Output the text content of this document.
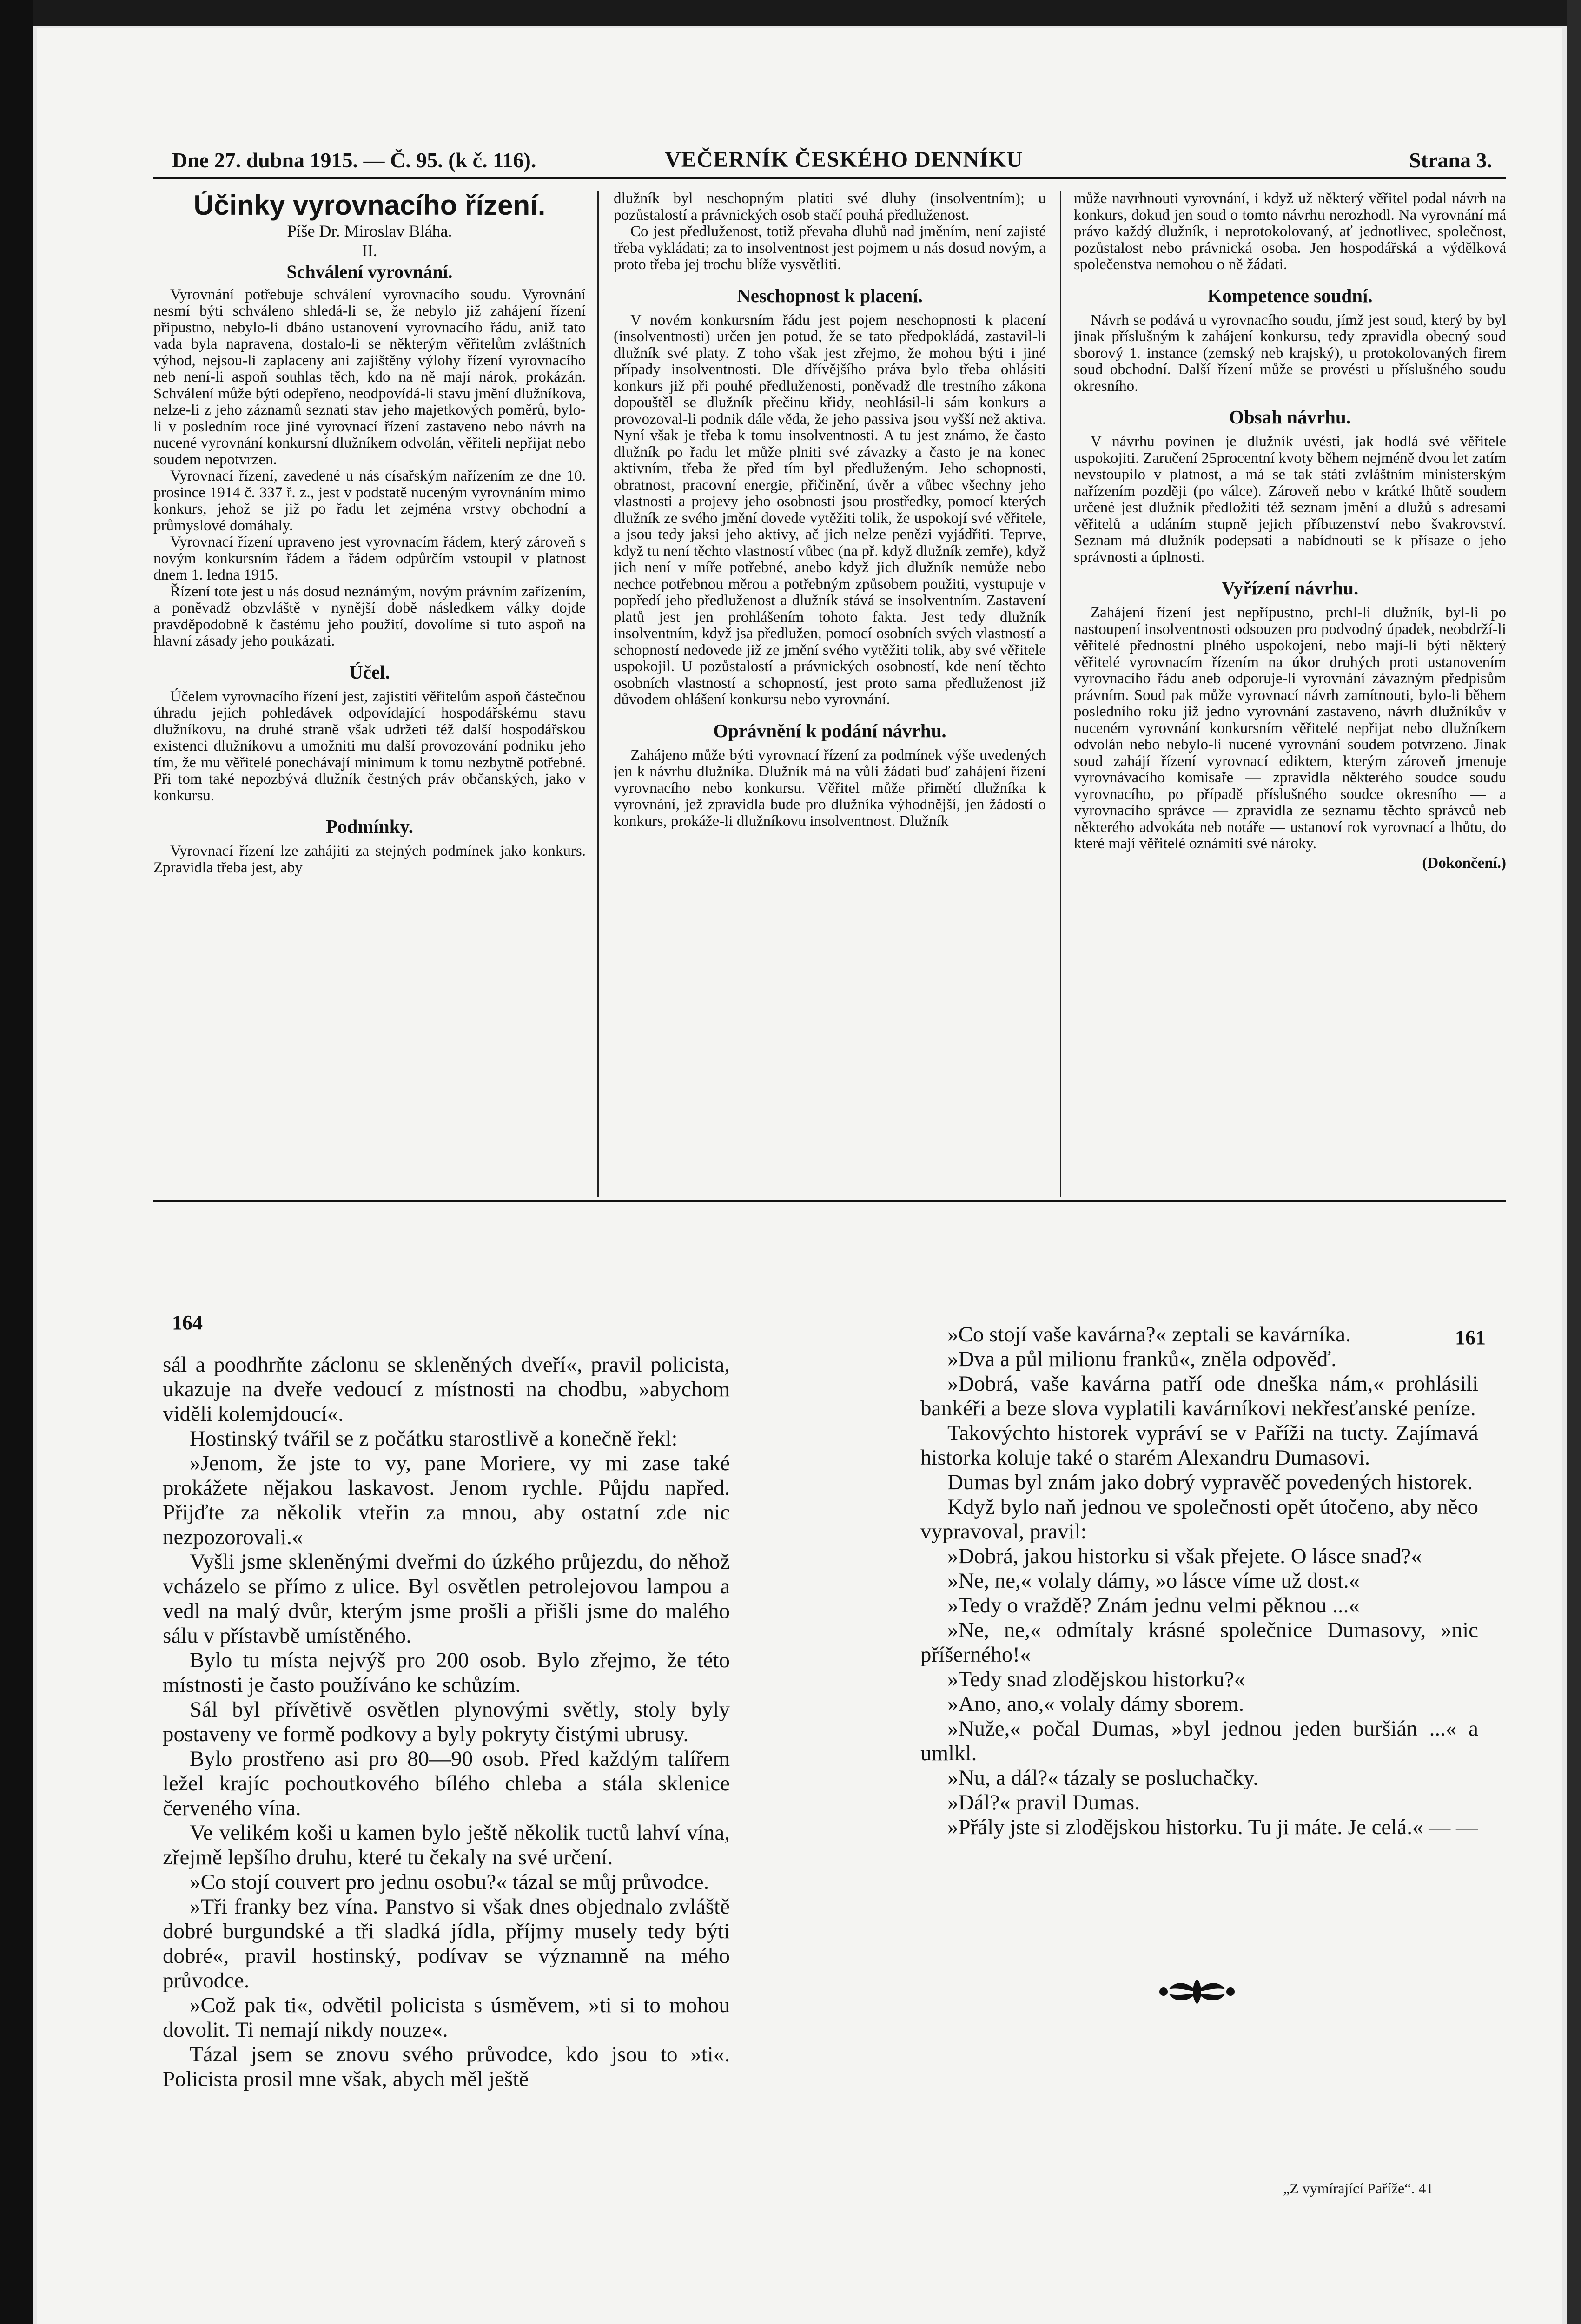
Dne 27. dubna 1915. — Č. 95. (k č. 116).	VEČERNÍK ČESKÉHO DENNÍKU	Strana 3.

Účinky vyrovnacího řízení.

Píše Dr. Miroslav Bláha.

II.

Schválení vyrovnání.

Vyrovnání potřebuje schválení vyrovnacího soudu. Vyrovnání nesmí býti schváleno shledá-li se, že nebylo již zahájení řízení připustno, nebylo-li dbáno ustanovení vyrovnacího řádu, aniž tato vada byla napravena, dostalo-li se některým věřitelům zvláštních výhod, nejsou-li zaplaceny ani zajištěny výlohy řízení vyrovnacího neb není-li aspoň souhlas těch, kdo na ně mají nárok, prokázán. Schválení může býti odepřeno, neodpovídá-li stavu jmění dlužníkova, nelze-li z jeho záznamů seznati stav jeho majetkových poměrů, bylo-li v posledním roce jiné vyrovnací řízení zastaveno nebo návrh na nucené vyrovnání konkursní dlužníkem odvolán, věřiteli nepřijat nebo soudem nepotvrzen.

Vyrovnací řízení, zavedené u nás císařským nařízením ze dne 10. prosince 1914 č. 337 ř. z., jest v podstatě nuceným vyrovnáním mimo konkurs, jehož se již po řadu let zejména vrstvy obchodní a průmyslové domáhaly.

Vyrovnací řízení upraveno jest vyrovnacím řádem, který zároveň s novým konkursním řádem a řádem odpůrčím vstoupil v platnost dnem 1. ledna 1915.

Řízení tote jest u nás dosud neznámým, novým právním zařízením, a poněvadž obzvláště v nynější době následkem války dojde pravděpodobně k častému jeho použití, dovolíme si tuto aspoň na hlavní zásady jeho poukázati.

Účel.

Účelem vyrovnacího řízení jest, zajistiti věřitelům aspoň částečnou úhradu jejich pohledávek odpovídající hospodářskému stavu dlužníkovu, na druhé straně však udržeti též další hospodářskou existenci dlužníkovu a umožniti mu další provozování podniku jeho tím, že mu věřitelé ponechávají minimum k tomu nezbytně potřebné. Při tom také nepozbývá dlužník čestných práv občanských, jako v konkursu.

Podmínky.

Vyrovnací řízení lze zahájiti za stejných podmínek jako konkurs. Zpravidla třeba jest, aby

dlužník byl neschopným platiti své dluhy (insolventním); u pozůstalostí a právnických osob stačí pouhá předluženost.

Co jest předluženost, totiž převaha dluhů nad jměním, není zajisté třeba vykládati; za to insolventnost jest pojmem u nás dosud novým, a proto třeba jej trochu blíže vysvětliti.

Neschopnost k placení.

V novém konkursním řádu jest pojem neschopnosti k placení (insolventnosti) určen jen potud, že se tato předpokládá, zastavil-li dlužník své platy. Z toho však jest zřejmo, že mohou býti i jiné případy insolventnosti. Dle dřívějšího práva bylo třeba ohlásiti konkurs již při pouhé předluženosti, poněvadž dle trestního zákona dopouštěl se dlužník přečinu křidy, neohlásil-li sám konkurs a provozoval-li podnik dále věda, že jeho passiva jsou vyšší než aktiva. Nyní však je třeba k tomu insolventnosti. A tu jest známo, že často dlužník po řadu let může plniti své závazky a často je na konec aktivním, třeba že před tím byl předluženým. Jeho schopnosti, obratnost, pracovní energie, přičinění, úvěr a vůbec všechny jeho vlastnosti a projevy jeho osobnosti jsou prostředky, pomocí kterých dlužník ze svého jmění dovede vytěžiti tolik, že uspokojí své věřitele, a jsou tedy jaksi jeho aktivy, ač jich nelze penězi vyjádřiti. Teprve, když tu není těchto vlastností vůbec (na př. když dlužník zemře), když jich není v míře potřebné, anebo když jich dlužník nemůže nebo nechce potřebnou měrou a potřebným způsobem použiti, vystupuje v popředí jeho předluženost a dlužník stává se insolventním. Zastavení platů jest jen prohlášením tohoto fakta. Jest tedy dlužník insolventním, když jsa předlužen, pomocí osobních svých vlastností a schopností nedovede již ze jmění svého vytěžiti tolik, aby své věřitele uspokojil. U pozůstalostí a právnických osobností, kde není těchto osobních vlastností a schopností, jest proto sama předluženost již důvodem ohlášení konkursu nebo vyrovnání.

Oprávnění k podání návrhu.

Zahájeno může býti vyrovnací řízení za podmínek výše uvedených jen k návrhu dlužníka. Dlužník má na vůli žádati buď zahájení řízení vyrovnacího nebo konkursu. Věřitel může přimětí dlužníka k vyrovnání, jež zpravidla bude pro dlužníka výhodnější, jen žádostí o konkurs, prokáže-li dlužníkovu insolventnost. Dlužník

může navrhnouti vyrovnání, i když už některý věřitel podal návrh na konkurs, dokud jen soud o tomto návrhu nerozhodl. Na vyrovnání má právo každý dlužník, i neprotokolovaný, ať jednotlivec, společnost, pozůstalost nebo právnická osoba. Jen hospodářská a výdělková společenstva nemohou o ně žádati.

Kompetence soudní.

Návrh se podává u vyrovnacího soudu, jímž jest soud, který by byl jinak příslušným k zahájení konkursu, tedy zpravidla obecný soud sborový 1. instance (zemský neb krajský), u protokolovaných firem soud obchodní. Další řízení může se provésti u příslušného soudu okresního.

Obsah návrhu.

V návrhu povinen je dlužník uvésti, jak hodlá své věřitele uspokojiti. Zaručení 25procentní kvoty během nejméně dvou let zatím nevstoupilo v platnost, a má se tak státi zvláštním ministerským nařízením později (po válce). Zároveň nebo v krátké lhůtě soudem určené jest dlužník předložiti též seznam jmění a dlužů s adresami věřitelů a udáním stupně jejich příbuzenství nebo švakrovství. Seznam má dlužník podepsati a nabídnouti se k přísaze o jeho správnosti a úplnosti.

Vyřízení návrhu.

Zahájení řízení jest nepřípustno, prchl-li dlužník, byl-li po nastoupení insolventnosti odsouzen pro podvodný úpadek, neobdrží-li věřitelé přednostní plného uspokojení, nebo mají-li býti některý věřitelé vyrovnacím řízením na úkor druhých proti ustanovením vyrovnacího řádu aneb odporuje-li vyrovnání závazným předpisům právním. Soud pak může vyrovnací návrh zamítnouti, bylo-li během posledního roku již jedno vyrovnání zastaveno, návrh dlužníkův v nuceném vyrovnání konkursním věřitelé nepřijat nebo dlužníkem odvolán nebo nebylo-li nucené vyrovnání soudem potvrzeno. Jinak soud zahájí řízení vyrovnací ediktem, kterým zároveň jmenuje vyrovnávacího komisaře — zpravidla některého soudce soudu vyrovnacího, po případě příslušného soudce okresního — a vyrovnacího správce — zpravidla ze seznamu těchto správců neb některého advokáta neb notáře — ustanoví rok vyrovnací a lhůtu, do které mají věřitelé oznámiti své nároky.

(Dokončení.)

164
161

sál a poodhrňte záclonu se skleněných dveří«, pravil policista, ukazuje na dveře vedoucí z místnosti na chodbu, »abychom viděli kolemjdoucí«.

Hostinský tvářil se z počátku starostlivě a konečně řekl:

»Jenom, že jste to vy, pane Moriere, vy mi zase také prokážete nějakou laskavost. Jenom rychle. Půjdu napřed. Přijďte za několik vteřin za mnou, aby ostatní zde nic nezpozorovali.«

Vyšli jsme skleněnými dveřmi do úzkého průjezdu, do něhož vcházelo se přímo z ulice. Byl osvětlen petrolejovou lampou a vedl na malý dvůr, kterým jsme prošli a přišli jsme do malého sálu v přístavbě umístěného.

Bylo tu místa nejvýš pro 200 osob. Bylo zřejmo, že této místnosti je často používáno ke schůzím.

Sál byl přívětivě osvětlen plynovými světly, stoly byly postaveny ve formě podkovy a byly pokryty čistými ubrusy.

Bylo prostřeno asi pro 80—90 osob. Před každým talířem ležel krajíc pochoutkového bílého chleba a stála sklenice červeného vína.

Ve velikém koši u kamen bylo ještě několik tuctů lahví vína, zřejmě lepšího druhu, které tu čekaly na své určení.

»Co stojí couvert pro jednu osobu?« tázal se můj průvodce.

»Tři franky bez vína. Panstvo si však dnes objednalo zvláště dobré burgundské a tři sladká jídla, příjmy musely tedy býti dobré«, pravil hostinský, podívav se významně na mého průvodce.

»Což pak ti«, odvětil policista s úsměvem, »ti si to mohou dovolit. Ti nemají nikdy nouze«.

Tázal jsem se znovu svého průvodce, kdo jsou to »ti«. Policista prosil mne však, abych měl ještě

»Co stojí vaše kavárna?« zeptali se kavárníka.

»Dva a půl milionu franků«, zněla odpověď.

»Dobrá, vaše kavárna patří ode dneška nám,« prohlásili bankéři a beze slova vyplatili kavárníkovi nekřesťanské peníze.

Takovýchto historek vypráví se v Paříži na tucty. Zajímavá historka koluje také o starém Alexandru Dumasovi.

Dumas byl znám jako dobrý vypravěč povedených historek.

Když bylo naň jednou ve společnosti opět útočeno, aby něco vypravoval, pravil:

»Dobrá, jakou historku si však přejete. O lásce snad?«

»Ne, ne,« volaly dámy, »o lásce víme už dost.«

»Tedy o vraždě? Znám jednu velmi pěknou ...«

»Ne, ne,« odmítaly krásné společnice Dumasovy, »nic příšerného!«

»Tedy snad zlodějskou historku?«

»Ano, ano,« volaly dámy sborem.

»Nuže,« počal Dumas, »byl jednou jeden buršián ...« a umlkl.

»Nu, a dál?« tázaly se posluchačky.

»Dál?« pravil Dumas.

»Přály jste si zlodějskou historku. Tu ji máte. Je celá.« — —

„Z vymírající Paříže“. 41
